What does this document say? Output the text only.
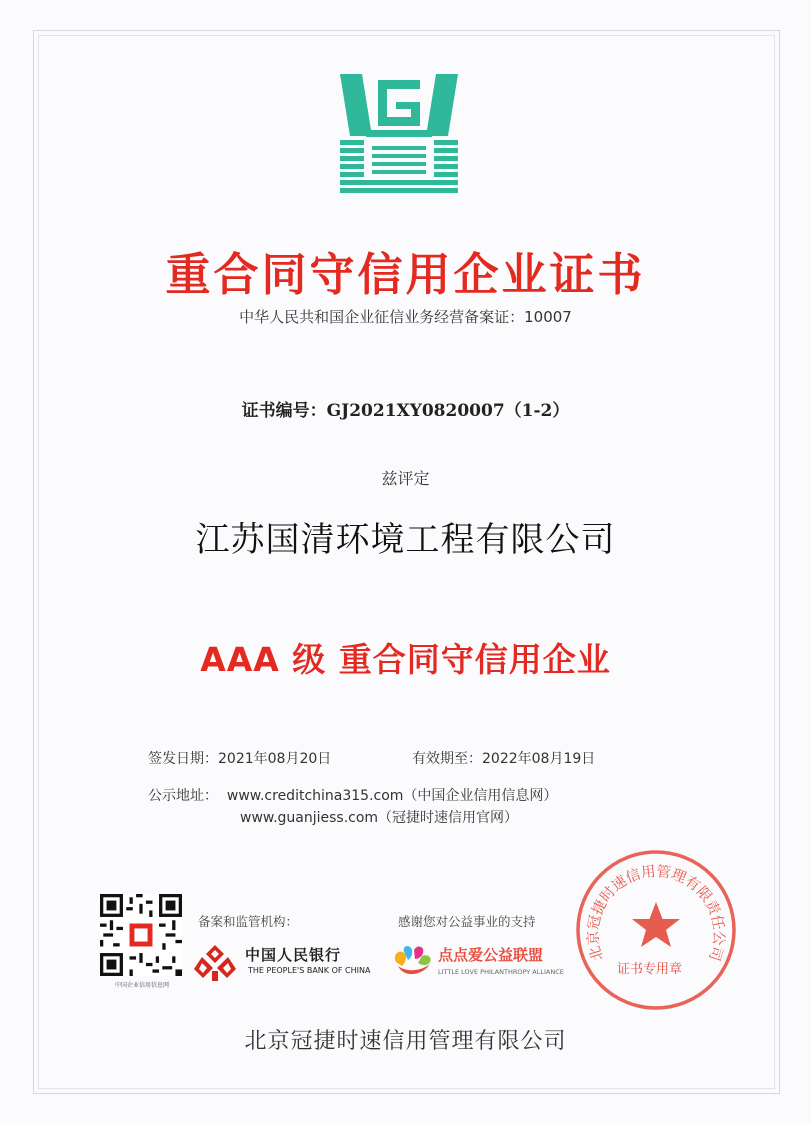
重合同守信用企业证书
中华人民共和国企业征信业务经营备案证：10007
证书编号：GJ2021XY0820007（1-2）
兹评定
江苏国清环境工程有限公司
AAA 级 重合同守信用企业
签发日期：2021年08月20日	有效期至：2022年08月19日
公示地址： www.creditchina315.com（中国企业信用信息网）
www.guanjiess.com（冠捷时速信用官网）
中国企业信用信息网
备案和监管机构：	感谢您对公益事业的支持
中国人民银行
THE PEOPLE'S BANK OF CHINA
点点爱公益联盟
LITTLE LOVE PHILANTHROPY ALLIANCE
北京冠捷时速信用管理有限责任公司
证书专用章
北京冠捷时速信用管理有限公司
